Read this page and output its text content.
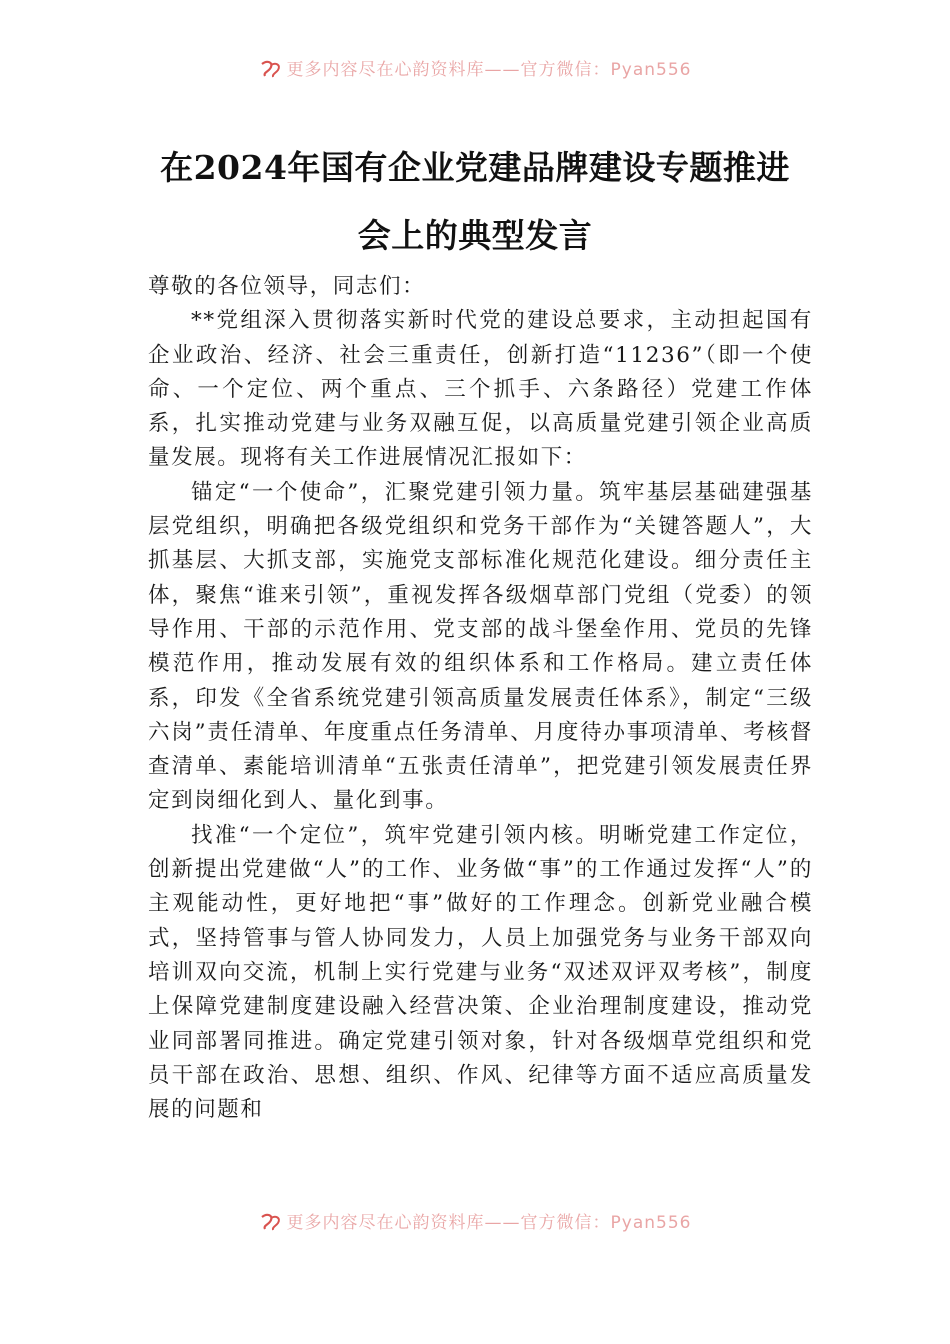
更多内容尽在心韵资料库——官方微信：Pyan556
在2024年国有企业党建品牌建设专题推进
会上的典型发言

尊敬的各位领导，同志们：

**党组深入贯彻落实新时代党的建设总要求，主动担起国有企业政治、经济、社会三重责任，创新打造“11236”（即一个使命、一个定位、两个重点、三个抓手、六条路径）党建工作体系，扎实推动党建与业务双融互促，以高质量党建引领企业高质量发展。现将有关工作进展情况汇报如下：

锚定“一个使命”，汇聚党建引领力量。筑牢基层基础建强基层党组织，明确把各级党组织和党务干部作为“关键答题人”，大抓基层、大抓支部，实施党支部标准化规范化建设。细分责任主体，聚焦“谁来引领”，重视发挥各级烟草部门党组（党委）的领导作用、干部的示范作用、党支部的战斗堡垒作用、党员的先锋模范作用，推动发展有效的组织体系和工作格局。建立责任体系，印发《全省系统党建引领高质量发展责任体系》，制定“三级六岗”责任清单、年度重点任务清单、月度待办事项清单、考核督查清单、素能培训清单“五张责任清单”，把党建引领发展责任界定到岗细化到人、量化到事。

找准“一个定位”，筑牢党建引领内核。明晰党建工作定位，创新提出党建做“人”的工作、业务做“事”的工作通过发挥“人”的主观能动性，更好地把“事”做好的工作理念。创新党业融合模式，坚持管事与管人协同发力，人员上加强党务与业务干部双向培训双向交流，机制上实行党建与业务“双述双评双考核”，制度上保障党建制度建设融入经营决策、企业治理制度建设，推动党业同部署同推进。确定党建引领对象，针对各级烟草党组织和党员干部在政治、思想、组织、作风、纪律等方面不适应高质量发展的问题和

更多内容尽在心韵资料库——官方微信：Pyan556
